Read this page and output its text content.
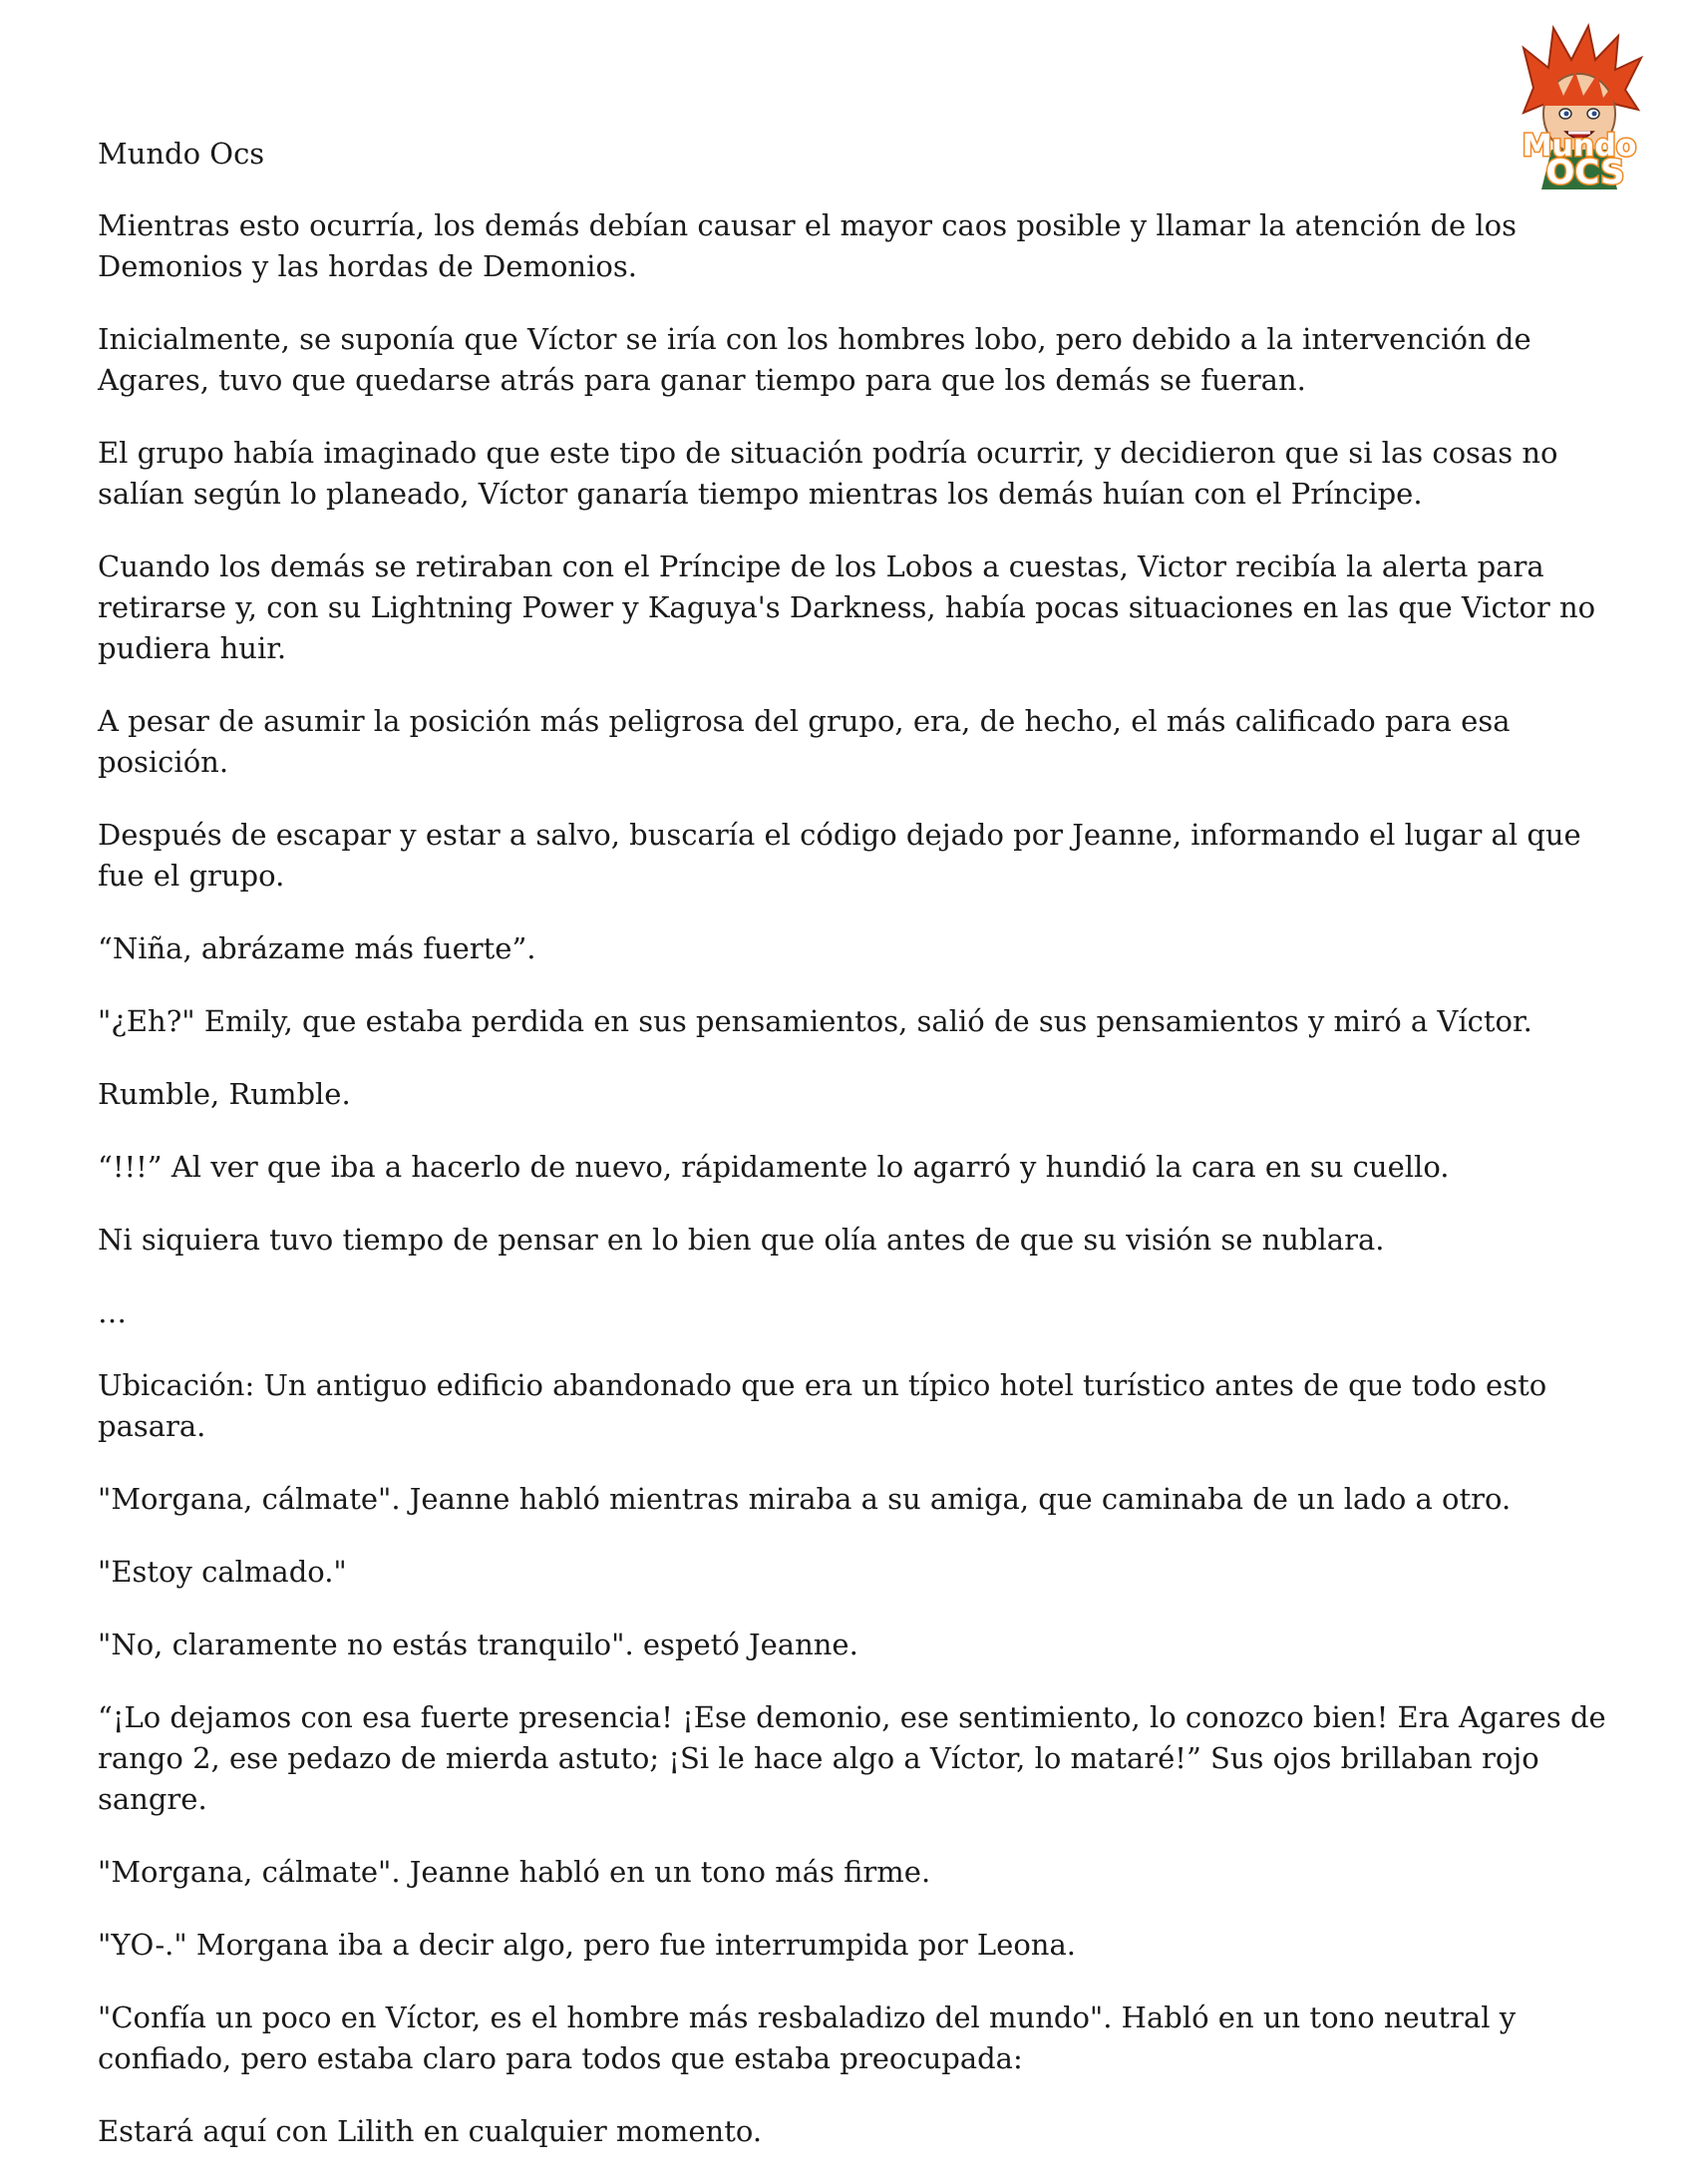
Mundo
OCS

Mundo Ocs

Mientras esto ocurría, los demás debían causar el mayor caos posible y llamar la atención de los Demonios y las hordas de Demonios.

Inicialmente, se suponía que Víctor se iría con los hombres lobo, pero debido a la intervención de Agares, tuvo que quedarse atrás para ganar tiempo para que los demás se fueran.

El grupo había imaginado que este tipo de situación podría ocurrir, y decidieron que si las cosas no salían según lo planeado, Víctor ganaría tiempo mientras los demás huían con el Príncipe.

Cuando los demás se retiraban con el Príncipe de los Lobos a cuestas, Victor recibía la alerta para retirarse y, con su Lightning Power y Kaguya's Darkness, había pocas situaciones en las que Victor no pudiera huir.

A pesar de asumir la posición más peligrosa del grupo, era, de hecho, el más calificado para esa posición.

Después de escapar y estar a salvo, buscaría el código dejado por Jeanne, informando el lugar al que fue el grupo.

“Niña, abrázame más fuerte”.

"¿Eh?" Emily, que estaba perdida en sus pensamientos, salió de sus pensamientos y miró a Víctor.

Rumble, Rumble.

“!!!” Al ver que iba a hacerlo de nuevo, rápidamente lo agarró y hundió la cara en su cuello.

Ni siquiera tuvo tiempo de pensar en lo bien que olía antes de que su visión se nublara.

…

Ubicación: Un antiguo edificio abandonado que era un típico hotel turístico antes de que todo esto pasara.

"Morgana, cálmate". Jeanne habló mientras miraba a su amiga, que caminaba de un lado a otro.

"Estoy calmado."

"No, claramente no estás tranquilo". espetó Jeanne.

“¡Lo dejamos con esa fuerte presencia! ¡Ese demonio, ese sentimiento, lo conozco bien! Era Agares de rango 2, ese pedazo de mierda astuto; ¡Si le hace algo a Víctor, lo mataré!” Sus ojos brillaban rojo sangre.

"Morgana, cálmate". Jeanne habló en un tono más firme.

"YO-." Morgana iba a decir algo, pero fue interrumpida por Leona.

"Confía un poco en Víctor, es el hombre más resbaladizo del mundo". Habló en un tono neutral y confiado, pero estaba claro para todos que estaba preocupada:

Estará aquí con Lilith en cualquier momento.
